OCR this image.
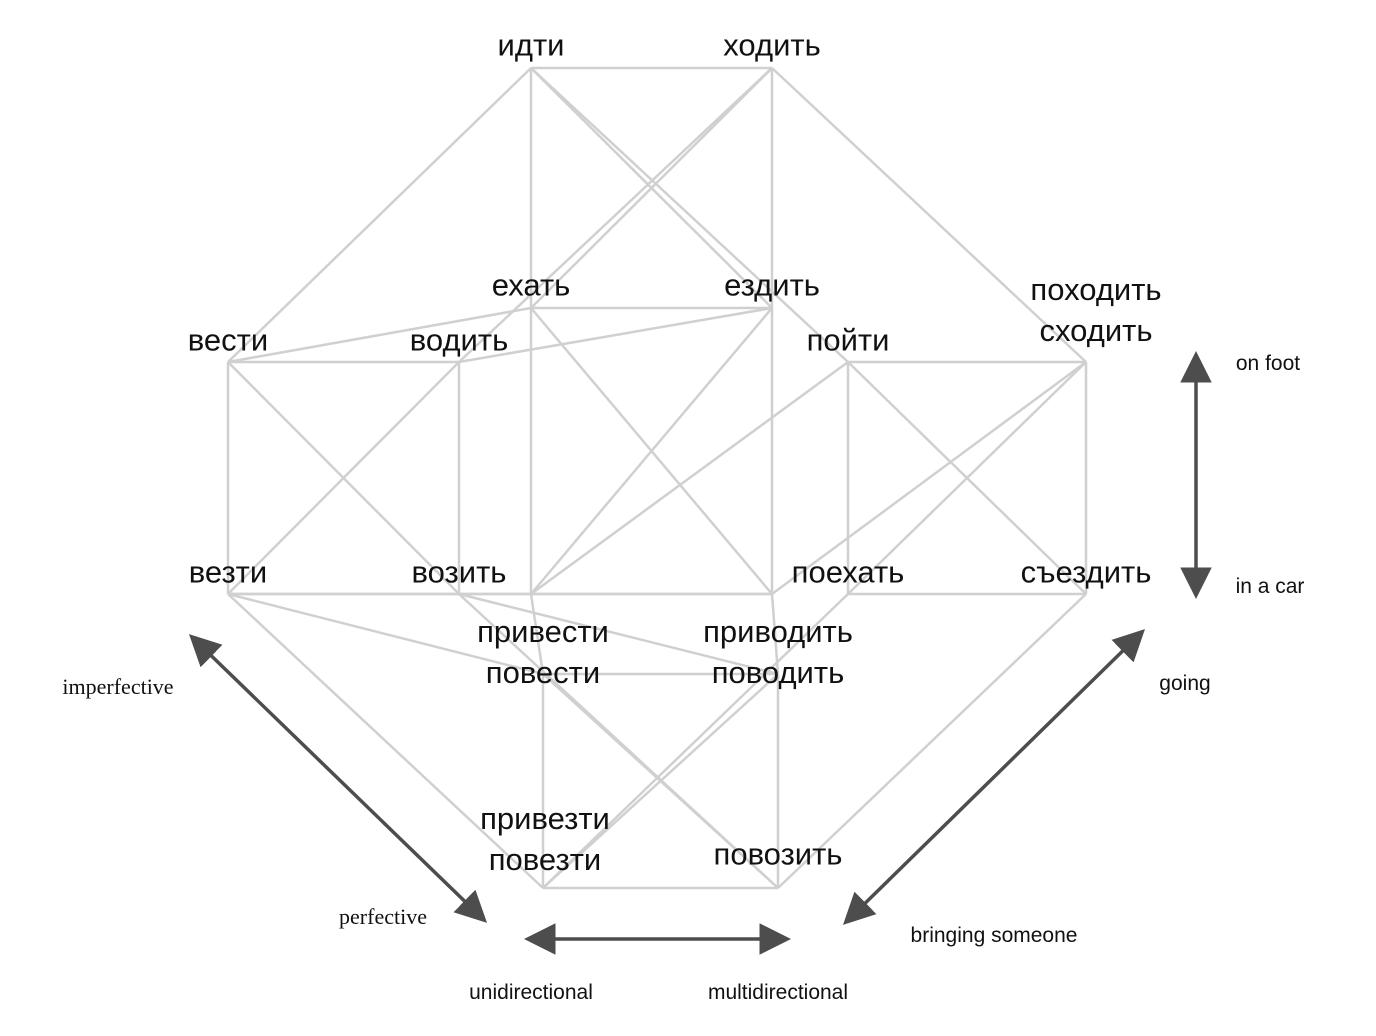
идти	ходить
ехать	ездить	походить
сходить
вести	водить	пойти
везти	возить	поехать	съездить
привести
повести
приводить
поводить
привезти
повезти	повозить
on foot
in a car
imperfective
perfective
going
bringing someone
unidirectional	multidirectional
